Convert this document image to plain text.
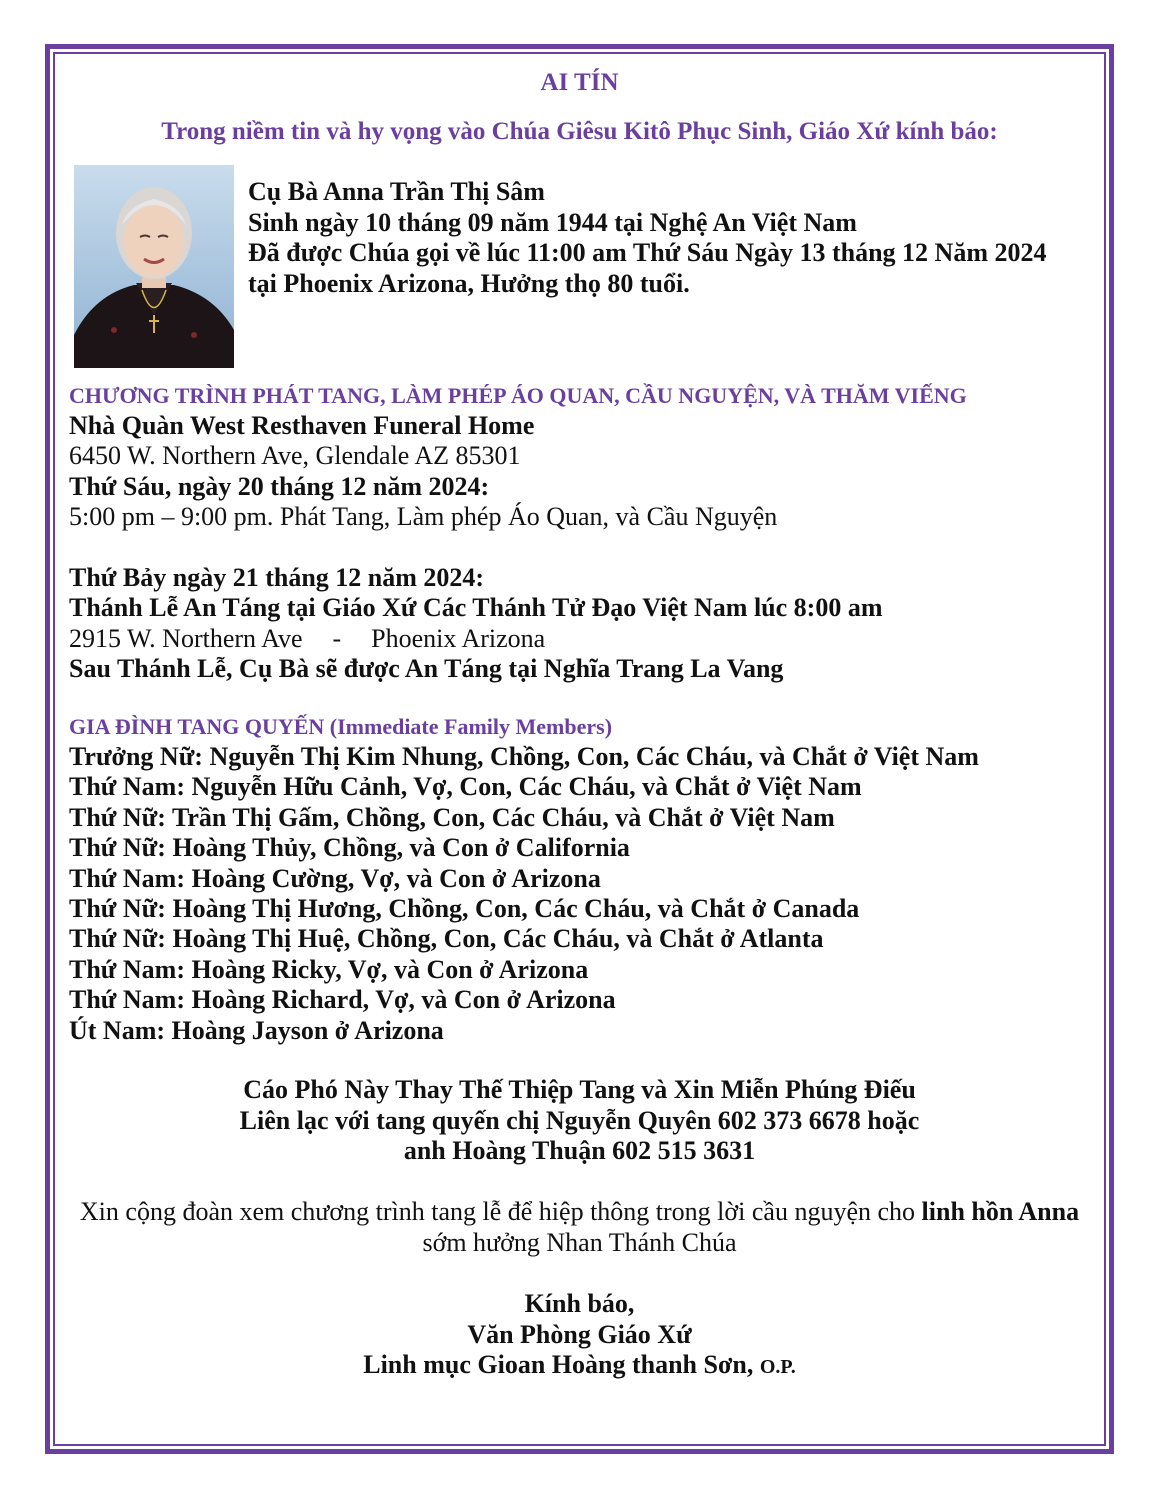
AI TÍN
Trong niềm tin và hy vọng vào Chúa Giêsu Kitô Phục Sinh, Giáo Xứ kính báo:
Cụ Bà Anna Trần Thị Sâm
Sinh ngày 10 tháng 09 năm 1944 tại Nghệ An Việt Nam
Đã được Chúa gọi về lúc 11:00 am Thứ Sáu Ngày 13 tháng 12 Năm 2024
tại Phoenix Arizona, Hưởng thọ 80 tuổi.
CHƯƠNG TRÌNH PHÁT TANG, LÀM PHÉP ÁO QUAN, CẦU NGUYỆN, VÀ THĂM VIẾNG
Nhà Quàn West Resthaven Funeral Home
6450 W. Northern Ave, Glendale AZ 85301
Thứ Sáu, ngày 20 tháng 12 năm 2024:
5:00 pm – 9:00 pm. Phát Tang, Làm phép Áo Quan, và Cầu Nguyện
Thứ Bảy ngày 21 tháng 12 năm 2024:
Thánh Lễ An Táng tại Giáo Xứ Các Thánh Tử Đạo Việt Nam lúc 8:00 am
2915 W. Northern Ave - Phoenix Arizona
Sau Thánh Lễ, Cụ Bà sẽ được An Táng tại Nghĩa Trang La Vang
GIA ĐÌNH TANG QUYẾN (Immediate Family Members)
Trưởng Nữ: Nguyễn Thị Kim Nhung, Chồng, Con, Các Cháu, và Chắt ở Việt Nam
Thứ Nam: Nguyễn Hữu Cảnh, Vợ, Con, Các Cháu, và Chắt ở Việt Nam
Thứ Nữ: Trần Thị Gấm, Chồng, Con, Các Cháu, và Chắt ở Việt Nam
Thứ Nữ: Hoàng Thủy, Chồng, và Con ở California
Thứ Nam: Hoàng Cường, Vợ, và Con ở Arizona
Thứ Nữ: Hoàng Thị Hương, Chồng, Con, Các Cháu, và Chắt ở Canada
Thứ Nữ: Hoàng Thị Huệ, Chồng, Con, Các Cháu, và Chắt ở Atlanta
Thứ Nam: Hoàng Ricky, Vợ, và Con ở Arizona
Thứ Nam: Hoàng Richard, Vợ, và Con ở Arizona
Út Nam: Hoàng Jayson ở Arizona
Cáo Phó Này Thay Thế Thiệp Tang và Xin Miễn Phúng Điếu
Liên lạc với tang quyến chị Nguyễn Quyên 602 373 6678 hoặc
anh Hoàng Thuận 602 515 3631
Xin cộng đoàn xem chương trình tang lễ để hiệp thông trong lời cầu nguyện cho linh hồn Anna
sớm hưởng Nhan Thánh Chúa
Kính báo,
Văn Phòng Giáo Xứ
Linh mục Gioan Hoàng thanh Sơn, O.P.
